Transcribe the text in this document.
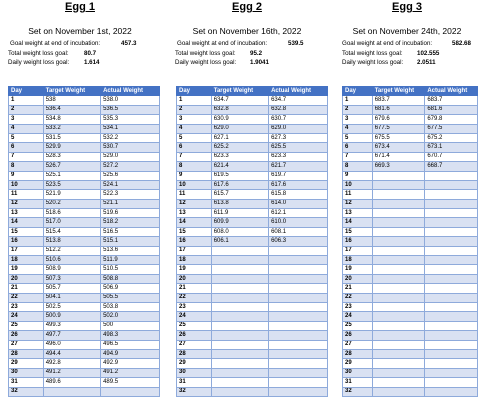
Egg 1
Set on November 1st, 2022
Goal weight at end of incubation:	457.3
Total weight loss goal: 80.7
Daily weight loss goal: 1.614
Egg 2
Set on November 16th, 2022
Goal weight at end of incubation:	539.5
Total weight loss goal: 95.2
Daily weight loss goal: 1.9041
Egg 3
Set on November 24th, 2022
Goal weight at end of incubation:	582.68
Total weight loss goal: 102.555
Daily weight loss goal: 2.0511
Day	Target Weight	Actual Weight
1	538	538.0
2	536.4	536.5
3	534.8	535.3
4	533.2	534.1
5	531.5	532.2
6	529.9	530.7
7	528.3	529.0
8	526.7	527.2
9	525.1	525.6
10	523.5	524.1
11	521.9	522.3
12	520.2	521.1
13	518.6	519.6
14	517.0	518.2
15	515.4	516.5
16	513.8	515.1
17	512.2	513.6
18	510.6	511.9
19	508.9	510.5
20	507.3	508.8
21	505.7	506.9
22	504.1	505.5
23	502.5	503.8
24	500.9	502.0
25	499.3	500
26	497.7	498.3
27	496.0	496.5
28	494.4	494.9
29	492.8	492.9
30	491.2	491.2
31	489.6	489.5
32		
Day	Target Weight	Actual Weight
1	634.7	634.7
2	632.8	632.8
3	630.9	630.7
4	629.0	629.0
5	627.1	627.3
6	625.2	625.5
7	623.3	623.3
8	621.4	621.7
9	619.5	619.7
10	617.6	617.6
11	615.7	615.8
12	613.8	614.0
13	611.9	612.1
14	609.9	610.0
15	608.0	608.1
16	606.1	606.3
17		
18		
19		
20		
21		
22		
23		
24		
25		
26		
27		
28		
29		
30		
31		
32		
Day	Target Weight	Actual Weight
1	683.7	683.7
2	681.6	681.6
3	679.6	679.8
4	677.5	677.5
5	675.5	675.2
6	673.4	673.1
7	671.4	670.7
8	669.3	668.7
9		
10		
11		
12		
13		
14		
15		
16		
17		
18		
19		
20		
21		
22		
23		
24		
25		
26		
27		
28		
29		
30		
31		
32		
